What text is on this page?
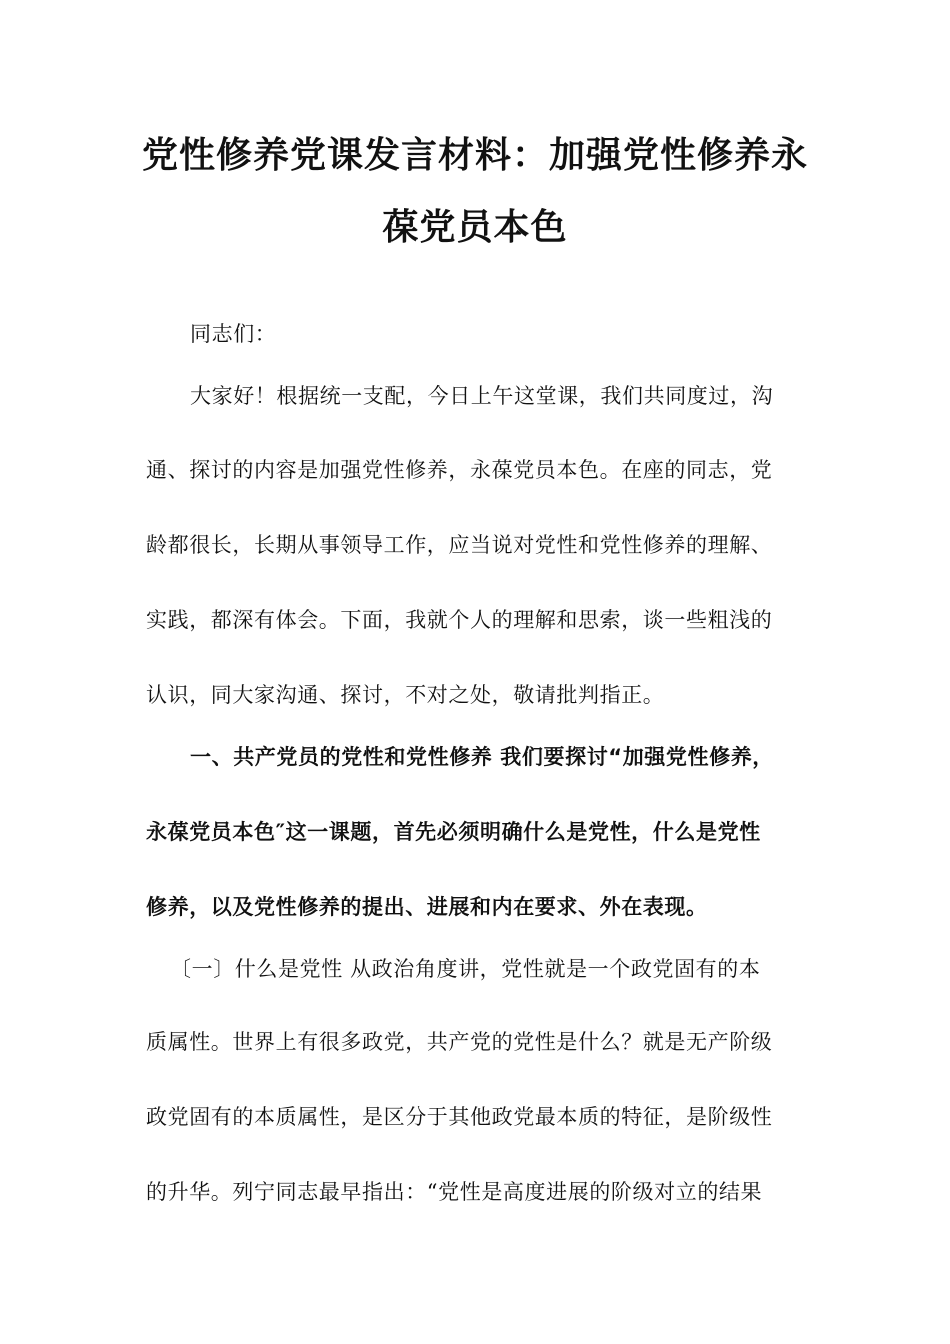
党性修养党课发言材料：加强党性修养永
葆党员本色
同志们：
大家好！根据统一支配，今日上午这堂课，我们共同度过，沟
通、探讨的内容是加强党性修养，永葆党员本色。在座的同志，党
龄都很长，长期从事领导工作，应当说对党性和党性修养的理解、
实践，都深有体会。下面，我就个人的理解和思索，谈一些粗浅的
认识，同大家沟通、探讨，不对之处，敬请批判指正。
一、共产党员的党性和党性修养 我们要探讨“加强党性修养，
永葆党员本色″这一课题，首先必须明确什么是党性，什么是党性
修养，以及党性修养的提出、进展和内在要求、外在表现。
〔一〕什么是党性 从政治角度讲，党性就是一个政党固有的本
质属性。世界上有很多政党，共产党的党性是什么？就是无产阶级
政党固有的本质属性，是区分于其他政党最本质的特征，是阶级性
的升华。列宁同志最早指出：“党性是高度进展的阶级对立的结果
